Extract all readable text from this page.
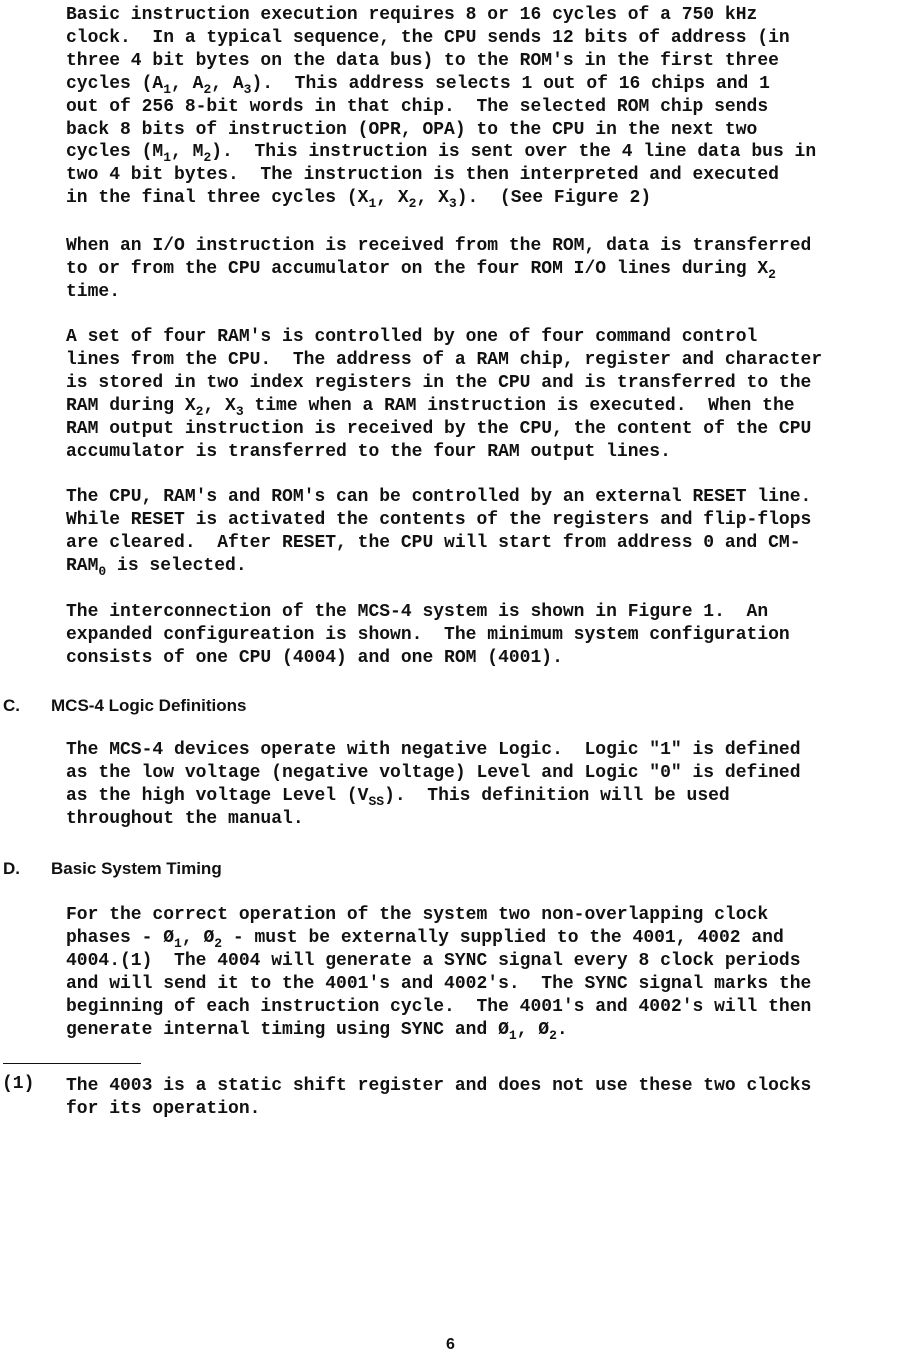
Basic instruction execution requires 8 or 16 cycles of a 750 kHz
clock.  In a typical sequence, the CPU sends 12 bits of address (in
three 4 bit bytes on the data bus) to the ROM's in the first three
cycles ($A_1$, $A_2$, $A_3$).  This address selects 1 out of 16 chips and 1
out of 256 8-bit words in that chip.  The selected ROM chip sends
back 8 bits of instruction (OPR, OPA) to the CPU in the next two
cycles ($M_1$, $M_2$).  This instruction is sent over the 4 line data bus in
two 4 bit bytes.  The instruction is then interpreted and executed
in the final three cycles ($X_1$, $X_2$, $X_3$).  (See Figure 2)
When an I/O instruction is received from the ROM, data is transferred
to or from the CPU accumulator on the four ROM I/O lines during $X_2$
time.
A set of four RAM's is controlled by one of four command control
lines from the CPU.  The address of a RAM chip, register and character
is stored in two index registers in the CPU and is transferred to the
RAM during $X_2$, $X_3$ time when a RAM instruction is executed.  When the
RAM output instruction is received by the CPU, the content of the CPU
accumulator is transferred to the four RAM output lines.
The CPU, RAM's and ROM's can be controlled by an external RESET line.
While RESET is activated the contents of the registers and flip-flops
are cleared.  After RESET, the CPU will start from address 0 and CM-
$RAM_0$ is selected.
The interconnection of the MCS-4 system is shown in Figure 1.  An
expanded configureation is shown.  The minimum system configuration
consists of one CPU (4004) and one ROM (4001).
C. MCS-4 Logic Definitions
The MCS-4 devices operate with negative Logic.  Logic "1" is defined
as the low voltage (negative voltage) Level and Logic "0" is defined
as the high voltage Level $(V_{SS})$.  This definition will be used
throughout the manual.
D. Basic System Timing
For the correct operation of the system two non-overlapping clock
phases - $Ø_1$, $Ø_2$ - must be externally supplied to the 4001, 4002 and
4004.(1)  The 4004 will generate a SYNC signal every 8 clock periods
and will send it to the 4001's and 4002's.  The SYNC signal marks the
beginning of each instruction cycle.  The 4001's and 4002's will then
generate internal timing using SYNC and $Ø_1$, $Ø_2$.
(1) The 4003 is a static shift register and does not use these two clocks
for its operation.
6
